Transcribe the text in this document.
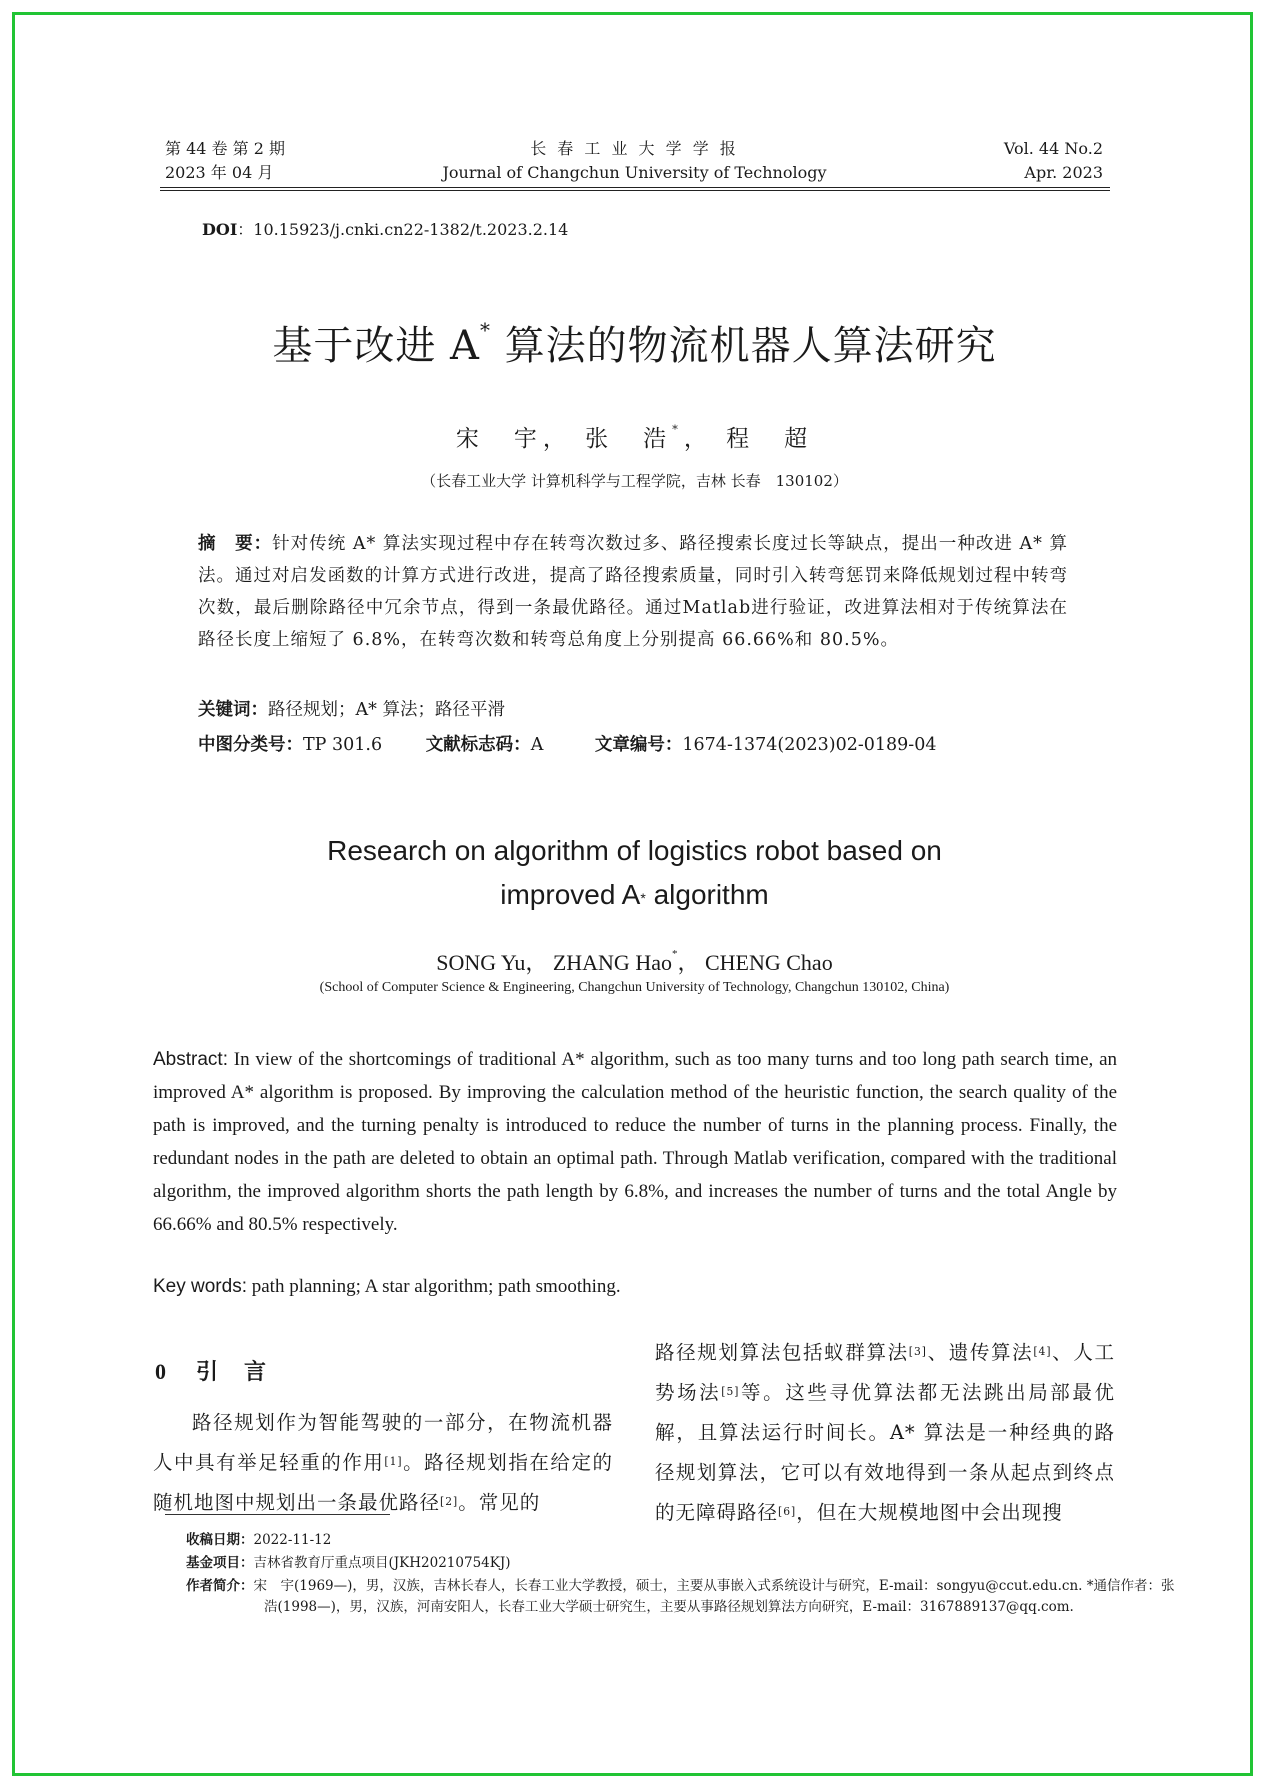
第 44 卷 第 2 期
2023 年 04 月
长 春 工 业 大 学 学 报
Journal of Changchun University of Technology
Vol. 44 No.2
Apr. 2023
DOI：10.15923/j.cnki.cn22-1382/t.2023.2.14
基于改进 A* 算法的物流机器人算法研究
宋　宇， 张　浩*， 程　超
（长春工业大学 计算机科学与工程学院，吉林 长春　130102）
摘　要：针对传统 A* 算法实现过程中存在转弯次数过多、路径搜索长度过长等缺点，提出一种改进 A* 算法。通过对启发函数的计算方式进行改进，提高了路径搜索质量，同时引入转弯惩罚来降低规划过程中转弯次数，最后删除路径中冗余节点，得到一条最优路径。通过Matlab进行验证，改进算法相对于传统算法在路径长度上缩短了 6.8%，在转弯次数和转弯总角度上分别提高 66.66%和 80.5%。
关键词：路径规划；A* 算法；路径平滑
中图分类号：TP 301.6 文献标志码：A	文章编号：1674-1374(2023)02-0189-04
Research on algorithm of logistics robot based on
improved A* algorithm
SONG Yu， ZHANG Hao*， CHENG Chao
(School of Computer Science & Engineering, Changchun University of Technology, Changchun 130102, China)
Abstract: In view of the shortcomings of traditional A* algorithm, such as too many turns and too long path search time, an improved A* algorithm is proposed. By improving the calculation method of the heuristic function, the search quality of the path is improved, and the turning penalty is introduced to reduce the number of turns in the planning process. Finally, the redundant nodes in the path are deleted to obtain an optimal path. Through Matlab verification, compared with the traditional algorithm, the improved algorithm shorts the path length by 6.8%, and increases the number of turns and the total Angle by 66.66% and 80.5% respectively.
Key words: path planning; A star algorithm; path smoothing.
0 引　言
路径规划作为智能驾驶的一部分，在物流机器人中具有举足轻重的作用[1]。路径规划指在给定的随机地图中规划出一条最优路径[2]。常见的
路径规划算法包括蚁群算法[3]、遗传算法[4]、人工势场法[5]等。这些寻优算法都无法跳出局部最优解，且算法运行时间长。A* 算法是一种经典的路径规划算法，它可以有效地得到一条从起点到终点的无障碍路径[6]，但在大规模地图中会出现搜
收稿日期：2022-11-12
基金项目：吉林省教育厅重点项目(JKH20210754KJ)
作者简介：宋　宇(1969—)，男，汉族，吉林长春人，长春工业大学教授，硕士，主要从事嵌入式系统设计与研究，E-mail：songyu@ccut.edu.cn. *通信作者：张　浩(1998—)，男，汉族，河南安阳人，长春工业大学硕士研究生，主要从事路径规划算法方向研究，E-mail：3167889137@qq.com.
